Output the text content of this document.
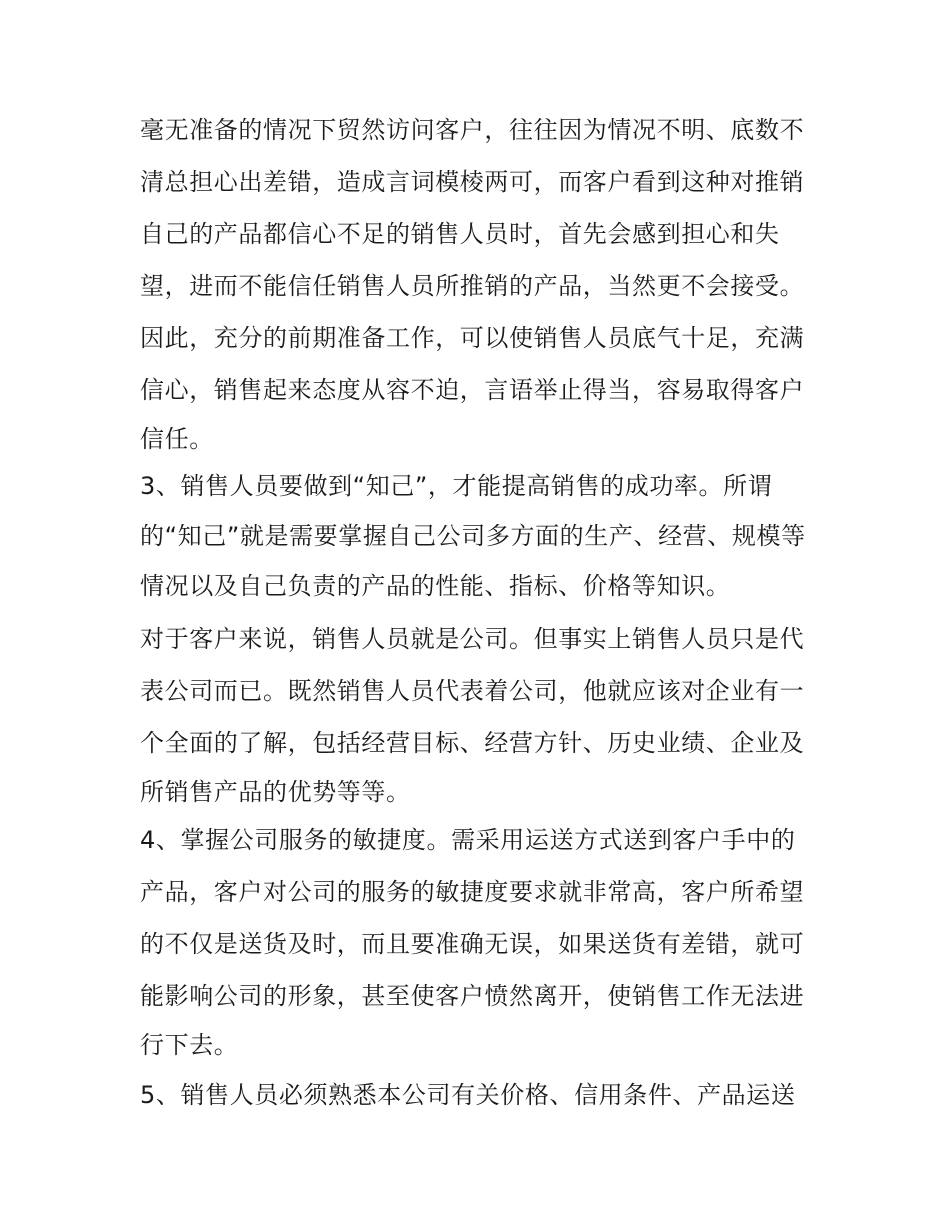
毫无准备的情况下贸然访问客户，往往因为情况不明、底数不
清总担心出差错，造成言词模棱两可，而客户看到这种对推销
自己的产品都信心不足的销售人员时，首先会感到担心和失
望，进而不能信任销售人员所推销的产品，当然更不会接受。
因此，充分的前期准备工作，可以使销售人员底气十足，充满
信心，销售起来态度从容不迫，言语举止得当，容易取得客户
信任。
3、销售人员要做到“知己”，才能提高销售的成功率。所谓
的“知己”就是需要掌握自己公司多方面的生产、经营、规模等
情况以及自己负责的产品的性能、指标、价格等知识。
对于客户来说，销售人员就是公司。但事实上销售人员只是代
表公司而已。既然销售人员代表着公司，他就应该对企业有一
个全面的了解，包括经营目标、经营方针、历史业绩、企业及
所销售产品的优势等等。
4、掌握公司服务的敏捷度。需采用运送方式送到客户手中的
产品，客户对公司的服务的敏捷度要求就非常高，客户所希望
的不仅是送货及时，而且要准确无误，如果送货有差错，就可
能影响公司的形象，甚至使客户愤然离开，使销售工作无法进
行下去。
5、销售人员必须熟悉本公司有关价格、信用条件、产品运送
